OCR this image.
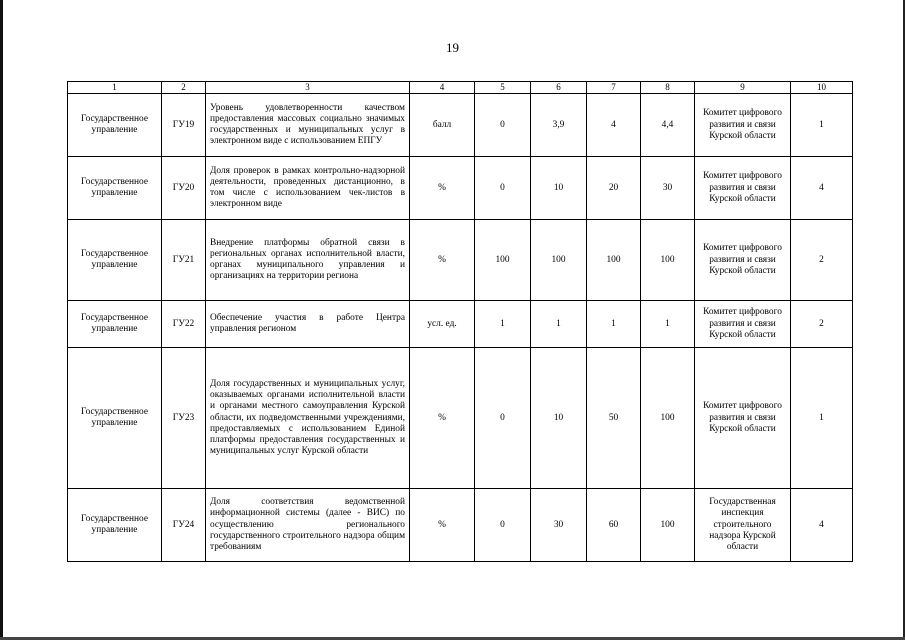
19
1	2	3	4	5	6	7	8	9	10
Государственное управление	ГУ19	Уровень удовлетворенности качеством предоставления массовых социально значимых государственных и муниципальных услуг в электронном виде с использованием ЕПГУ	балл	0	3,9	4	4,4	Комитет цифрового развития и связи Курской области	1
Государственное управление	ГУ20	Доля проверок в рамках контрольно-надзорной деятельности, проведенных дистанционно, в том числе с использованием чек-листов в электронном виде	%	0	10	20	30	Комитет цифрового развития и связи Курской области	4
Государственное управление	ГУ21	Внедрение платформы обратной связи в региональных органах исполнительной власти, органах муниципального управления и организациях на территории региона	%	100	100	100	100	Комитет цифрового развития и связи Курской области	2
Государственное управление	ГУ22	Обеспечение участия в работе Центра управления регионом	усл. ед.	1	1	1	1	Комитет цифрового развития и связи Курской области	2
Государственное управление	ГУ23	Доля государственных и муниципальных услуг, оказываемых органами исполнительной власти и органами местного самоуправления Курской области, их подведомственными учреждениями, предоставляемых с использованием Единой платформы предоставления государственных и муниципальных услуг Курской области	%	0	10	50	100	Комитет цифрового развития и связи Курской области	1
Государственное управление	ГУ24	Доля соответствия ведомственной информационной системы (далее - ВИС) по осуществлению регионального государственного строительного надзора общим требованиям	%	0	30	60	100	Государственная инспекция строительного надзора Курской области	4
